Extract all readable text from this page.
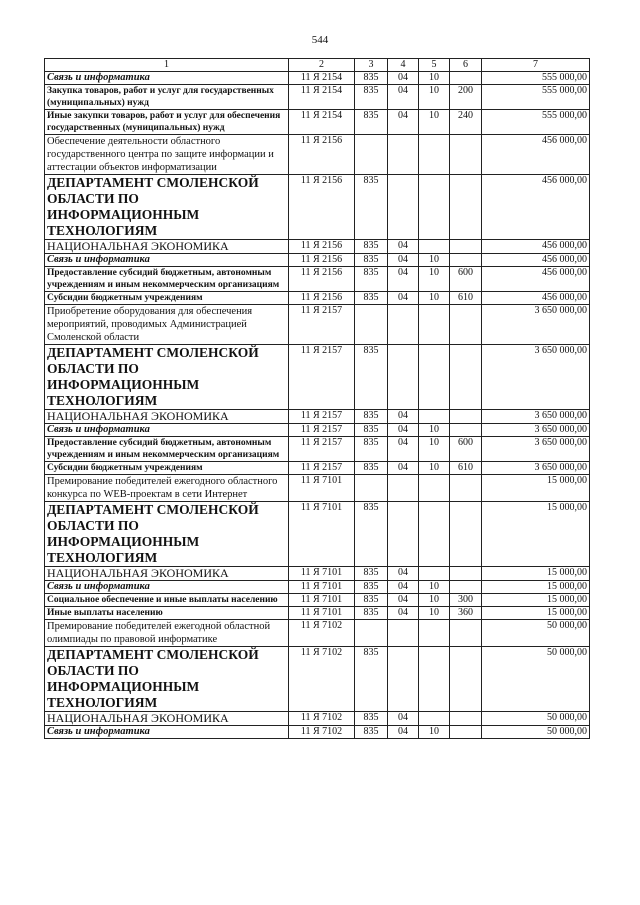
544
1	2	3	4	5	6	7
Связь и информатика	11 Я 2154	835	04	10		555 000,00
Закупка товаров, работ и услуг для государственных (муниципальных) нужд	11 Я 2154	835	04	10	200	555 000,00
Иные закупки товаров, работ и услуг для обеспечения государственных (муниципальных) нужд	11 Я 2154	835	04	10	240	555 000,00
Обеспечение деятельности областного государственного центра по защите информации и аттестации объектов информатизации	11 Я 2156					456 000,00
ДЕПАРТАМЕНТ СМОЛЕНСКОЙ ОБЛАСТИ ПО ИНФОРМАЦИОННЫМ ТЕХНОЛОГИЯМ	11 Я 2156	835				456 000,00
НАЦИОНАЛЬНАЯ ЭКОНОМИКА	11 Я 2156	835	04			456 000,00
Связь и информатика	11 Я 2156	835	04	10		456 000,00
Предоставление субсидий бюджетным, автономным учреждениям и иным некоммерческим организациям	11 Я 2156	835	04	10	600	456 000,00
Субсидии бюджетным учреждениям	11 Я 2156	835	04	10	610	456 000,00
Приобретение оборудования для обеспечения мероприятий, проводимых Администрацией Смоленской области	11 Я 2157					3 650 000,00
ДЕПАРТАМЕНТ СМОЛЕНСКОЙ ОБЛАСТИ ПО ИНФОРМАЦИОННЫМ ТЕХНОЛОГИЯМ	11 Я 2157	835				3 650 000,00
НАЦИОНАЛЬНАЯ ЭКОНОМИКА	11 Я 2157	835	04			3 650 000,00
Связь и информатика	11 Я 2157	835	04	10		3 650 000,00
Предоставление субсидий бюджетным, автономным учреждениям и иным некоммерческим организациям	11 Я 2157	835	04	10	600	3 650 000,00
Субсидии бюджетным учреждениям	11 Я 2157	835	04	10	610	3 650 000,00
Премирование победителей ежегодного областного конкурса по WEB-проектам в сети Интернет	11 Я 7101					15 000,00
ДЕПАРТАМЕНТ СМОЛЕНСКОЙ ОБЛАСТИ ПО ИНФОРМАЦИОННЫМ ТЕХНОЛОГИЯМ	11 Я 7101	835				15 000,00
НАЦИОНАЛЬНАЯ ЭКОНОМИКА	11 Я 7101	835	04			15 000,00
Связь и информатика	11 Я 7101	835	04	10		15 000,00
Социальное обеспечение и иные выплаты населению	11 Я 7101	835	04	10	300	15 000,00
Иные выплаты населению	11 Я 7101	835	04	10	360	15 000,00
Премирование победителей ежегодной областной олимпиады по правовой информатике	11 Я 7102					50 000,00
ДЕПАРТАМЕНТ СМОЛЕНСКОЙ ОБЛАСТИ ПО ИНФОРМАЦИОННЫМ ТЕХНОЛОГИЯМ	11 Я 7102	835				50 000,00
НАЦИОНАЛЬНАЯ ЭКОНОМИКА	11 Я 7102	835	04			50 000,00
Связь и информатика	11 Я 7102	835	04	10		50 000,00
